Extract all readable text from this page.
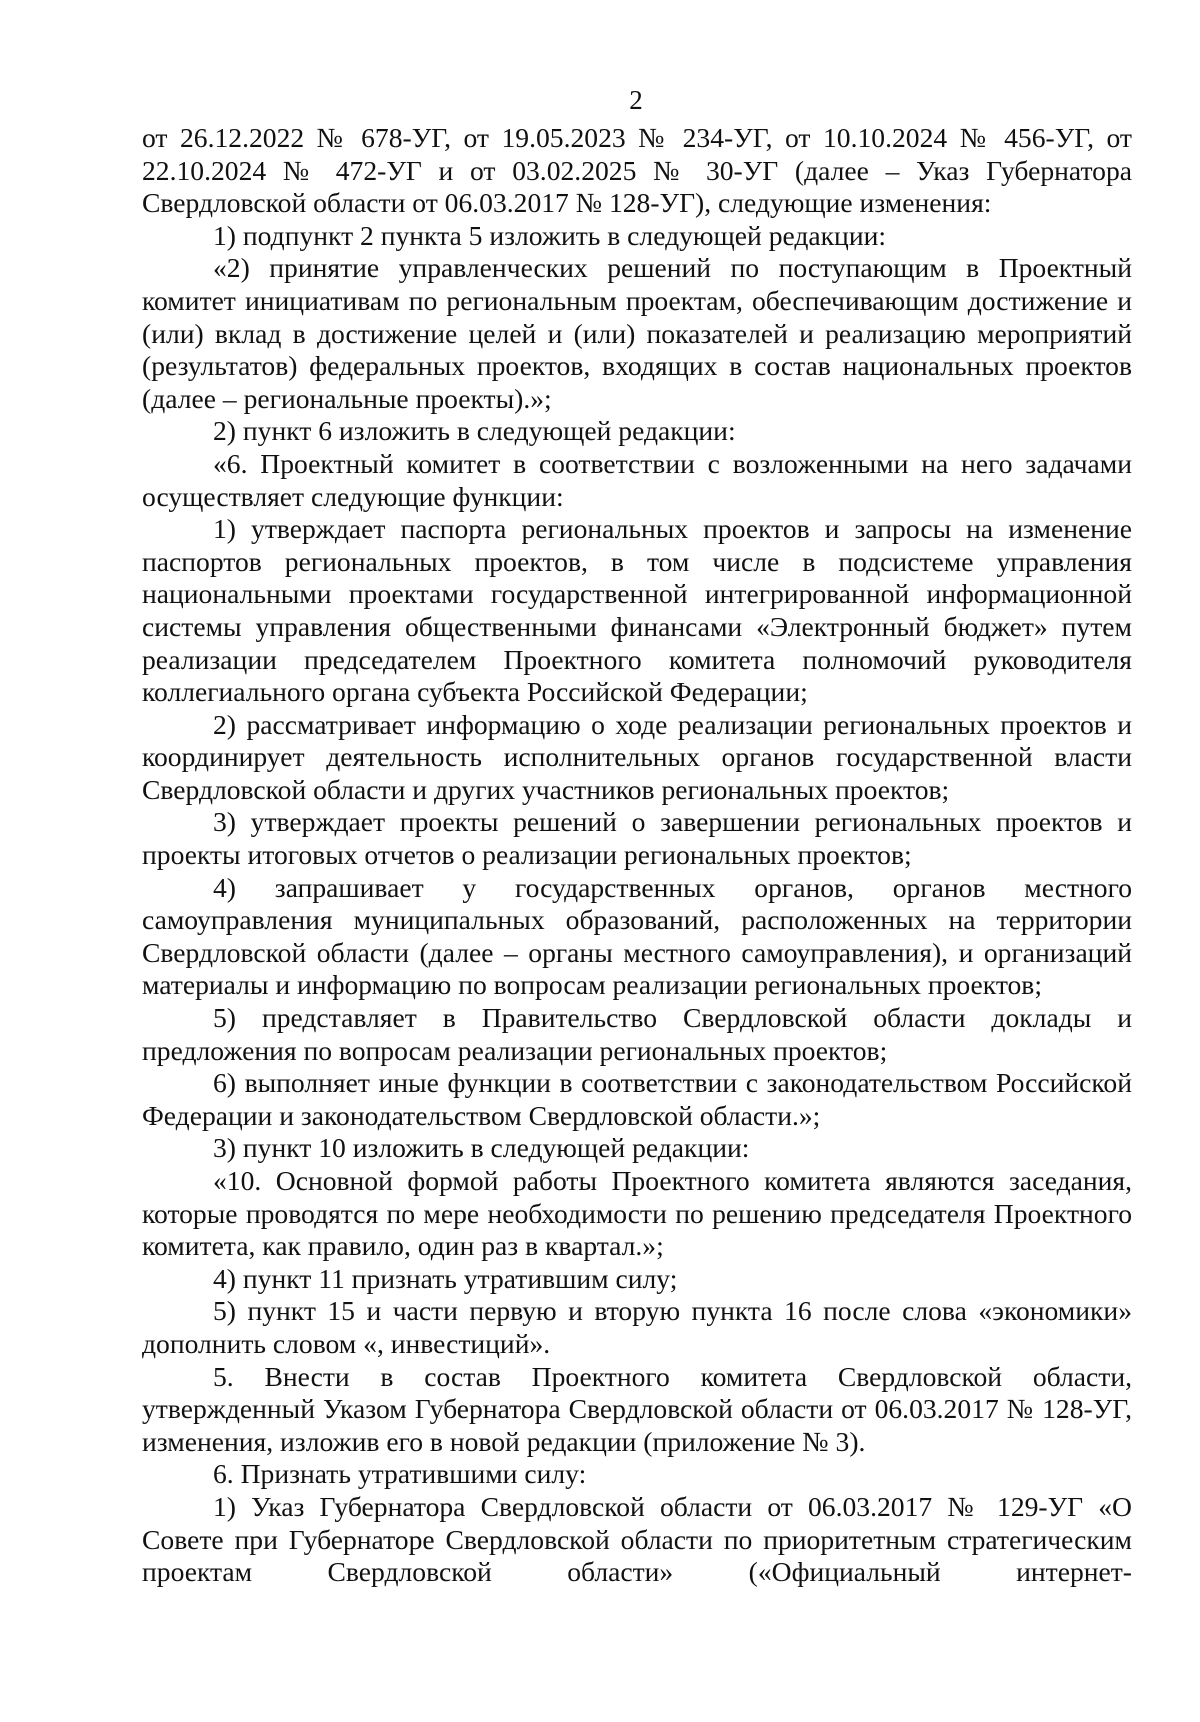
2

от 26.12.2022 № 678-УГ, от 19.05.2023 № 234-УГ, от 10.10.2024 № 456-УГ, от 22.10.2024 № 472-УГ и от 03.02.2025 № 30-УГ (далее – Указ Губернатора Свердловской области от 06.03.2017 № 128-УГ), следующие изменения:

1) подпункт 2 пункта 5 изложить в следующей редакции:

«2) принятие управленческих решений по поступающим в Проектный комитет инициативам по региональным проектам, обеспечивающим достижение и (или) вклад в достижение целей и (или) показателей и реализацию мероприятий (результатов) федеральных проектов, входящих в состав национальных проектов (далее – региональные проекты).»;

2) пункт 6 изложить в следующей редакции:

«6. Проектный комитет в соответствии с возложенными на него задачами осуществляет следующие функции:

1) утверждает паспорта региональных проектов и запросы на изменение паспортов региональных проектов, в том числе в подсистеме управления национальными проектами государственной интегрированной информационной системы управления общественными финансами «Электронный бюджет» путем реализации председателем Проектного комитета полномочий руководителя коллегиального органа субъекта Российской Федерации;

2) рассматривает информацию о ходе реализации региональных проектов и координирует деятельность исполнительных органов государственной власти Свердловской области и других участников региональных проектов;

3) утверждает проекты решений о завершении региональных проектов и проекты итоговых отчетов о реализации региональных проектов;

4) запрашивает у государственных органов, органов местного самоуправления муниципальных образований, расположенных на территории Свердловской области (далее – органы местного самоуправления), и организаций материалы и информацию по вопросам реализации региональных проектов;

5) представляет в Правительство Свердловской области доклады и предложения по вопросам реализации региональных проектов;

6) выполняет иные функции в соответствии с законодательством Российской Федерации и законодательством Свердловской области.»;

3) пункт 10 изложить в следующей редакции:

«10. Основной формой работы Проектного комитета являются заседания, которые проводятся по мере необходимости по решению председателя Проектного комитета, как правило, один раз в квартал.»;

4) пункт 11 признать утратившим силу;

5) пункт 15 и части первую и вторую пункта 16 после слова «экономики» дополнить словом «, инвестиций».

5. Внести в состав Проектного комитета Свердловской области, утвержденный Указом Губернатора Свердловской области от 06.03.2017 № 128-УГ, изменения, изложив его в новой редакции (приложение № 3).

6. Признать утратившими силу:

1) Указ Губернатора Свердловской области от 06.03.2017 № 129-УГ «О Совете при Губернаторе Свердловской области по приоритетным стратегическим проектам Свердловской области» («Официальный интернет-
